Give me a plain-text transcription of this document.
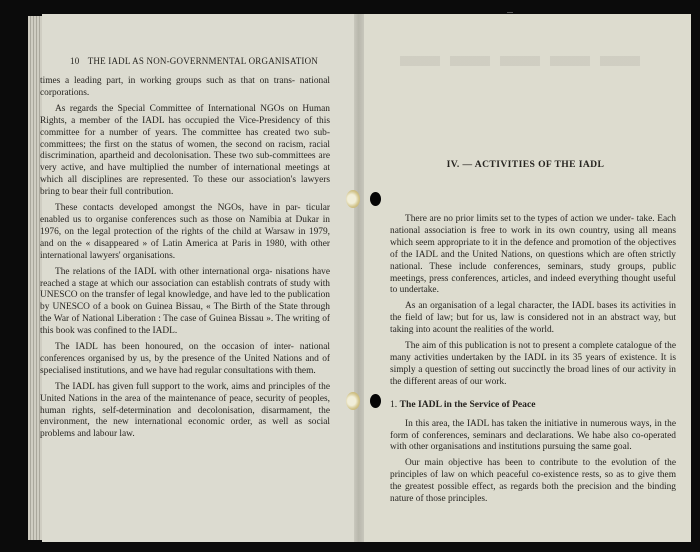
10 THE IADL AS NON-GOVERNMENTAL ORGANISATION
IV. — ACTIVITIES OF THE IADL

times a leading part, in working groups such as that on trans- national corporations.

As regards the Special Committee of International NGOs on Human Rights, a member of the IADL has occupied the Vice-Presidency of this committee for a number of years. The committee has created two sub-committees; the first on the status of women, the second on racism, racial discrimination, apartheid and decolonisation. These two sub-committees are very active, and have multiplied the number of international meetings at which all disciplines are represented. To these our association's lawyers bring to bear their full contribution.

These contacts developed amongst the NGOs, have in par- ticular enabled us to organise conferences such as those on Namibia at Dukar in 1976, on the legal protection of the rights of the child at Warsaw in 1979, and on the « disappeared » of Latin America at Paris in 1980, with other international lawyers' organisations.

The relations of the IADL with other international orga- nisations have reached a stage at which our association can establish contrats of study with UNESCO on the transfer of legal knowledge, and have led to the publication by UNESCO of a book on Guinea Bissau, « The Birth of the State through the War of National Liberation : The case of Guinea Bissau ». The writing of this book was confined to the IADL.

The IADL has been honoured, on the occasion of inter- national conferences organised by us, by the presence of the United Nations and of specialised institutions, and we have had regular consultations with them.

The IADL has given full support to the work, aims and principles of the United Nations in the area of the maintenance of peace, security of peoples, human rights, self-determination and decolonisation, disarmament, the environment, the new international economic order, as well as social problems and labour law.

There are no prior limits set to the types of action we under- take. Each national association is free to work in its own country, using all means which seem appropriate to it in the defence and promotion of the objectives of the IADL and the United Nations, on questions which are often strictly national. These include conferences, seminars, study groups, public meetings, press conferences, articles, and indeed everything thought useful to undertake.

As an organisation of a legal character, the IADL bases its activities in the field of law; but for us, law is considered not in an abstract way, but taking into acount the realities of the world.

The aim of this publication is not to present a complete catalogue of the many activities undertaken by the IADL in its 35 years of existence. It is simply a question of setting out succinctly the broad lines of our activity in the different areas of our work.

1. The IADL in the Service of Peace

In this area, the IADL has taken the initiative in numerous ways, in the form of conferences, seminars and declarations. We habe also co-operated with other organisations and institutions pursuing the same goal.

Our main objective has been to contribute to the evolution of the principles of law on which peaceful co-existence rests, so as to give them the greatest possible effect, as regards both the precision and the binding nature of those principles.
